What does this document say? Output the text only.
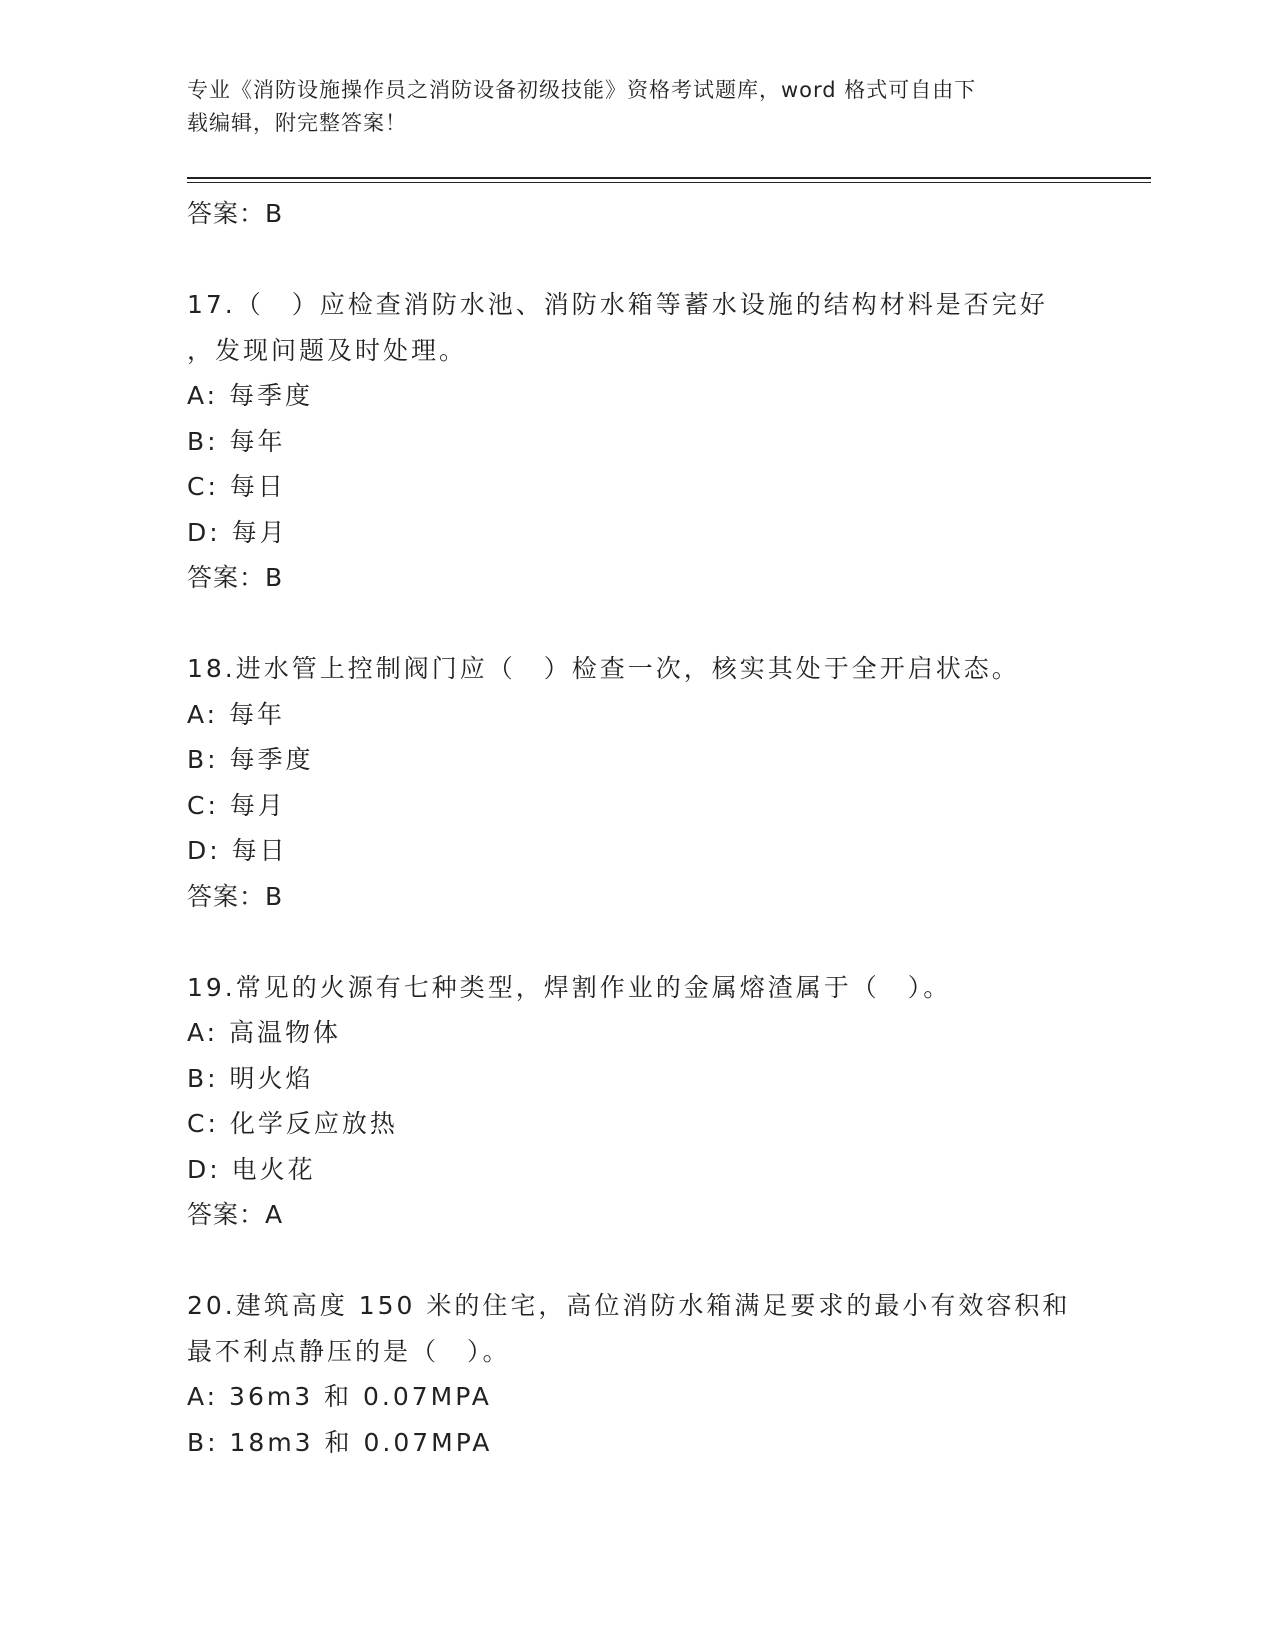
专业《消防设施操作员之消防设备初级技能》资格考试题库，word 格式可自由下
载编辑，附完整答案！
答案：B
17.（　）应检查消防水池、消防水箱等蓄水设施的结构材料是否完好
，发现问题及时处理。
A: 每季度
B: 每年
C: 每日
D: 每月
答案：B
18.进水管上控制阀门应（　）检查一次，核实其处于全开启状态。
A: 每年
B: 每季度
C: 每月
D: 每日
答案：B
19.常见的火源有七种类型，焊割作业的金属熔渣属于（　）。
A: 高温物体
B: 明火焰
C: 化学反应放热
D: 电火花
答案：A
20.建筑高度 150 米的住宅，高位消防水箱满足要求的最小有效容积和
最不利点静压的是（　）。
A: 36m3 和 0.07MPA
B: 18m3 和 0.07MPA
